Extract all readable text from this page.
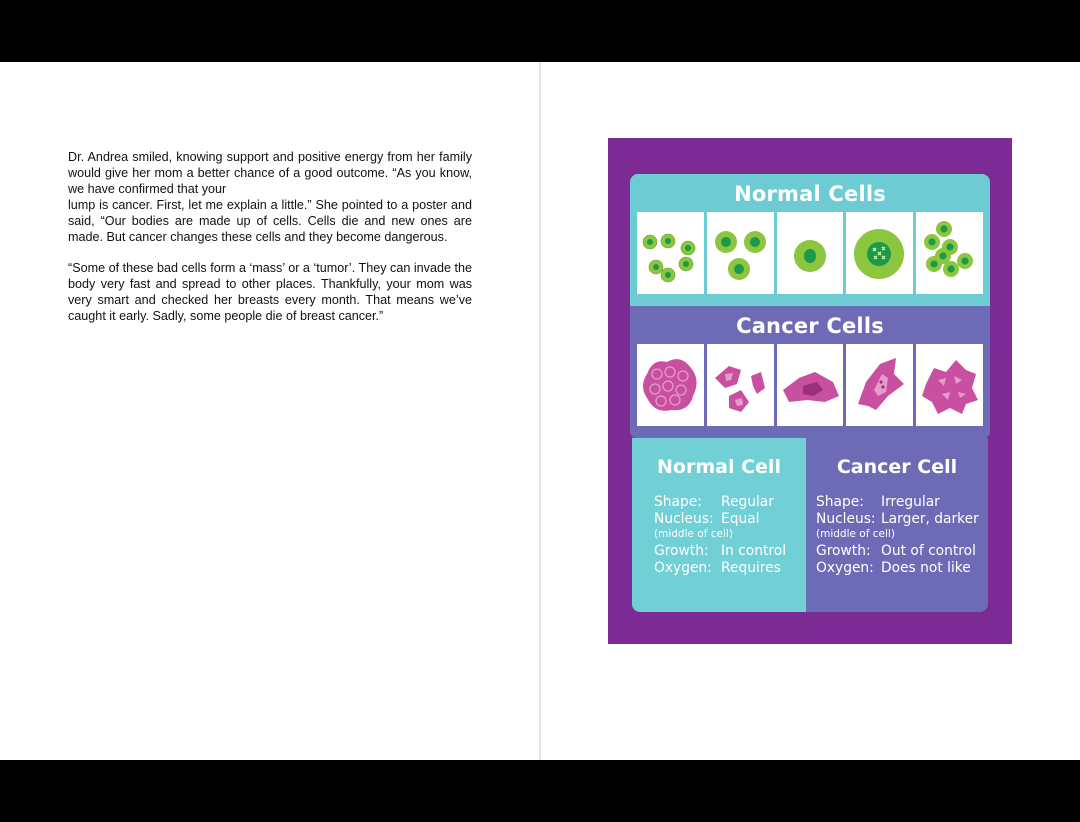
Dr. Andrea smiled, knowing support and positive energy from her family would give her mom a better chance of a good outcome. “As you know, we have confirmed that your
lump is cancer. First, let me explain a little.” She pointed to a poster and said, “Our bodies are made up of cells. Cells die and new ones are made. But cancer changes these cells and they become dangerous.

“Some of these bad cells form a ‘mass’ or a ‘tumor’. They can invade the body very fast and spread to other places. Thankfully, your mom was very smart and checked her breasts every month. That means we’ve caught it early. Sadly, some people die of breast cancer.”

Normal Cells
Cancer Cells
Normal Cell
Shape: Regular
Nucleus: Equal
(middle of cell)
Growth: In control
Oxygen: Requires
Cancer Cell
Shape: Irregular
Nucleus: Larger, darker
(middle of cell)
Growth: Out of control
Oxygen: Does not like
